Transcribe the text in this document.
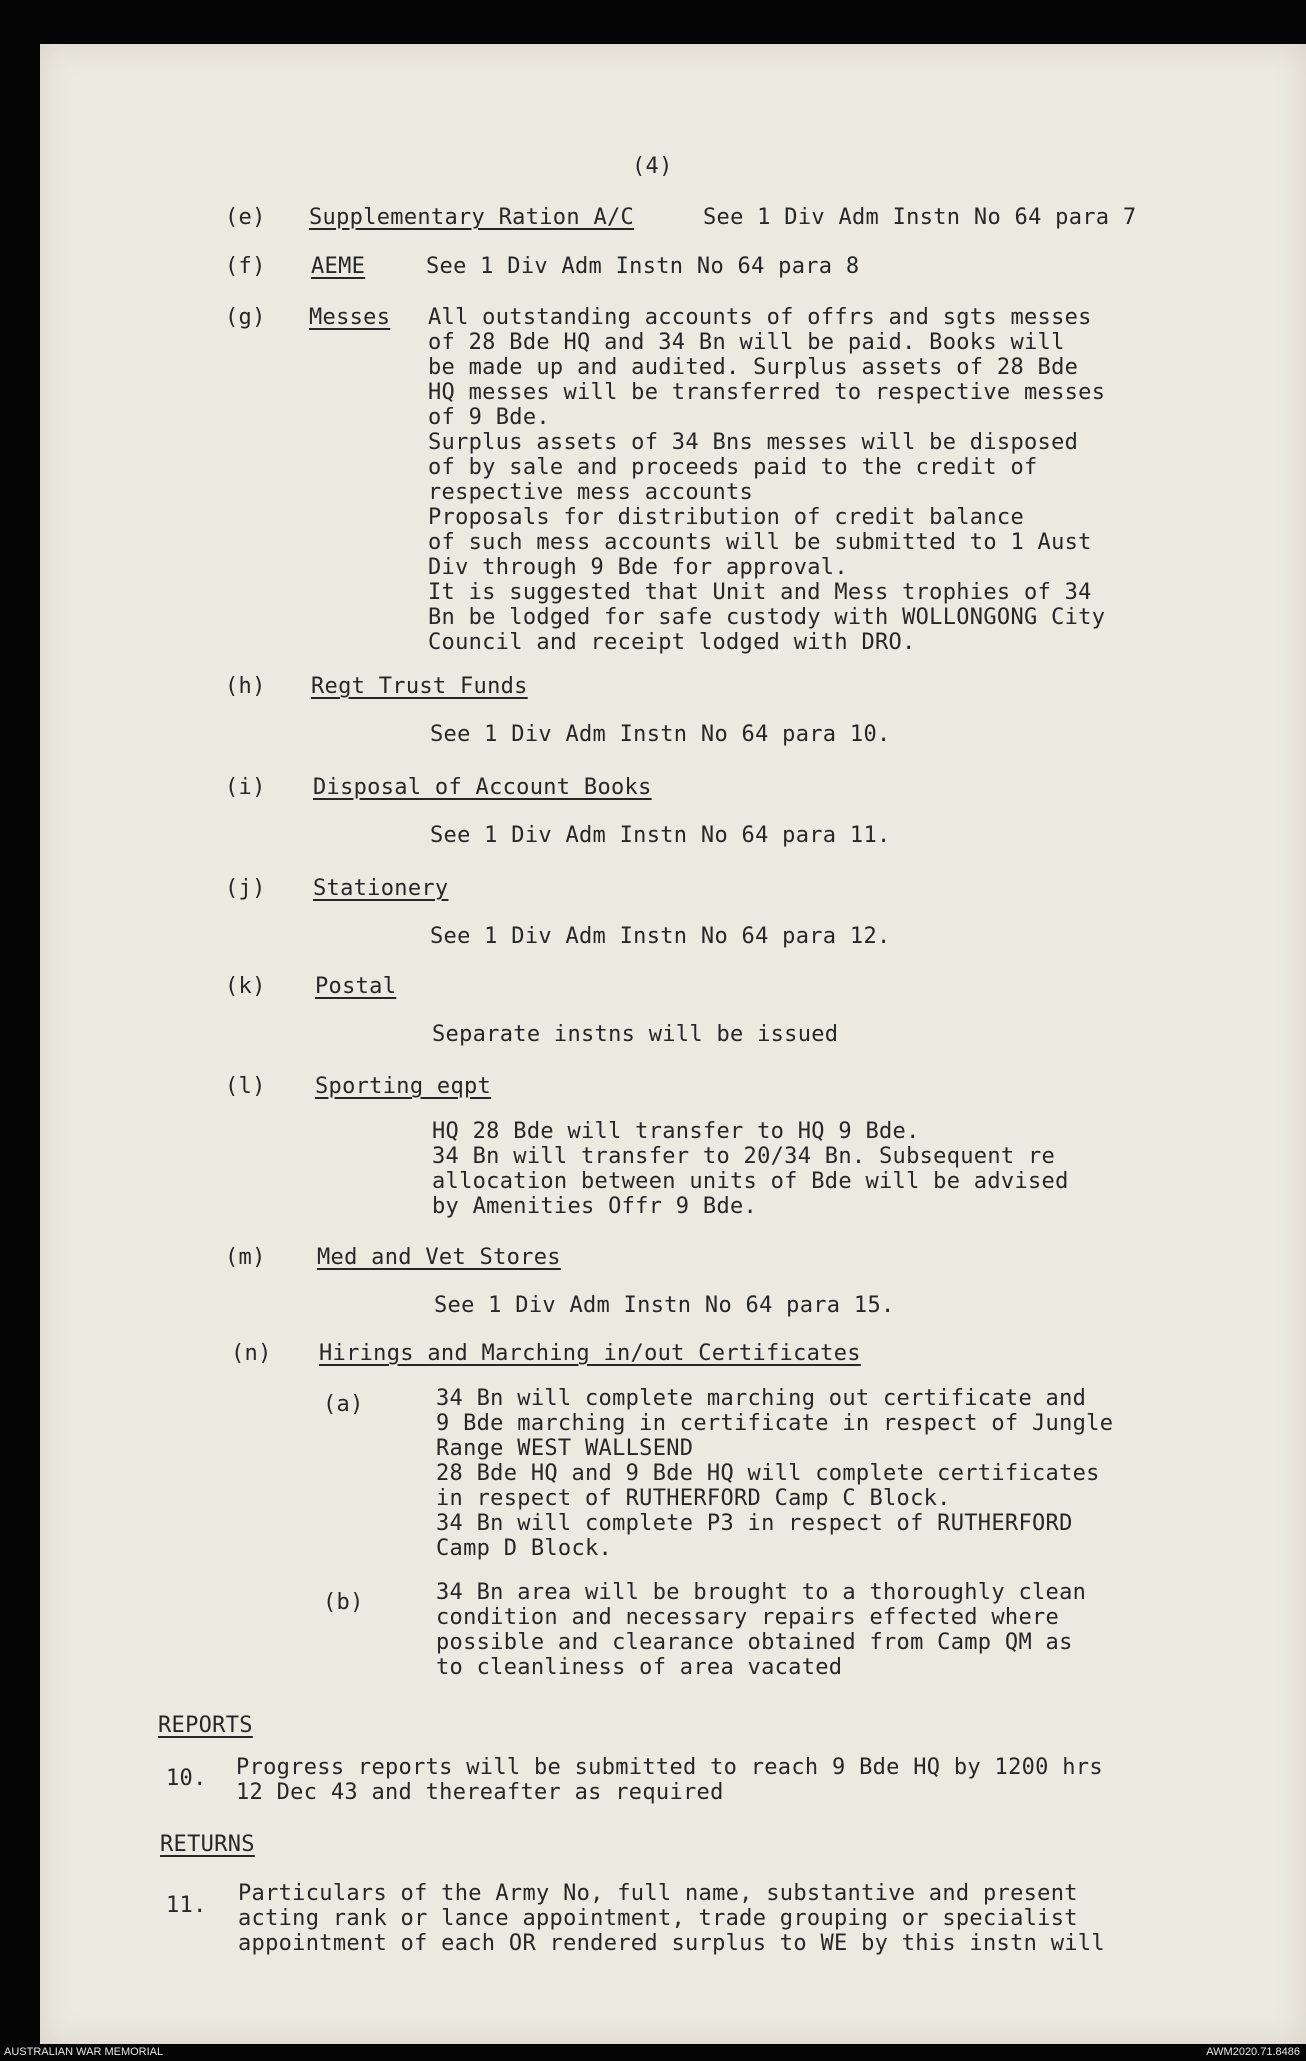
(4)
(e) Supplementary Ration A/C	See 1 Div Adm Instn No 64 para 7
(f) AEME	See 1 Div Adm Instn No 64 para 8
(g) Messes All outstanding accounts of offrs and sgts messes
of 28 Bde HQ and 34 Bn will be paid. Books will
be made up and audited. Surplus assets of 28 Bde
HQ messes will be transferred to respective messes
of 9 Bde.
Surplus assets of 34 Bns messes will be disposed
of by sale and proceeds paid to the credit of
respective mess accounts
Proposals for distribution of credit balance
of such mess accounts will be submitted to 1 Aust
Div through 9 Bde for approval.
It is suggested that Unit and Mess trophies of 34
Bn be lodged for safe custody with WOLLONGONG City
Council and receipt lodged with DRO.
(h) Regt Trust Funds
See 1 Div Adm Instn No 64 para 10.
(i) Disposal of Account Books
See 1 Div Adm Instn No 64 para 11.
(j) Stationery
See 1 Div Adm Instn No 64 para 12.
(k) Postal
Separate instns will be issued
(l) Sporting eqpt
HQ 28 Bde will transfer to HQ 9 Bde.
34 Bn will transfer to 20/34 Bn. Subsequent re
allocation between units of Bde will be advised
by Amenities Offr 9 Bde.
(m) Med and Vet Stores
See 1 Div Adm Instn No 64 para 15.
(n) Hirings and Marching in/out Certificates
(a)	34 Bn will complete marching out certificate and
9 Bde marching in certificate in respect of Jungle
Range WEST WALLSEND
28 Bde HQ and 9 Bde HQ will complete certificates
in respect of RUTHERFORD Camp C Block.
34 Bn will complete P3 in respect of RUTHERFORD
Camp D Block.
(b)	34 Bn area will be brought to a thoroughly clean
condition and necessary repairs effected where
possible and clearance obtained from Camp QM as
to cleanliness of area vacated
REPORTS
10. Progress reports will be submitted to reach 9 Bde HQ by 1200 hrs
12 Dec 43 and thereafter as required
RETURNS
11. Particulars of the Army No, full name, substantive and present
acting rank or lance appointment, trade grouping or specialist
appointment of each OR rendered surplus to WE by this instn will
AUSTRALIAN WAR MEMORIAL	AWM2020.71.8486
